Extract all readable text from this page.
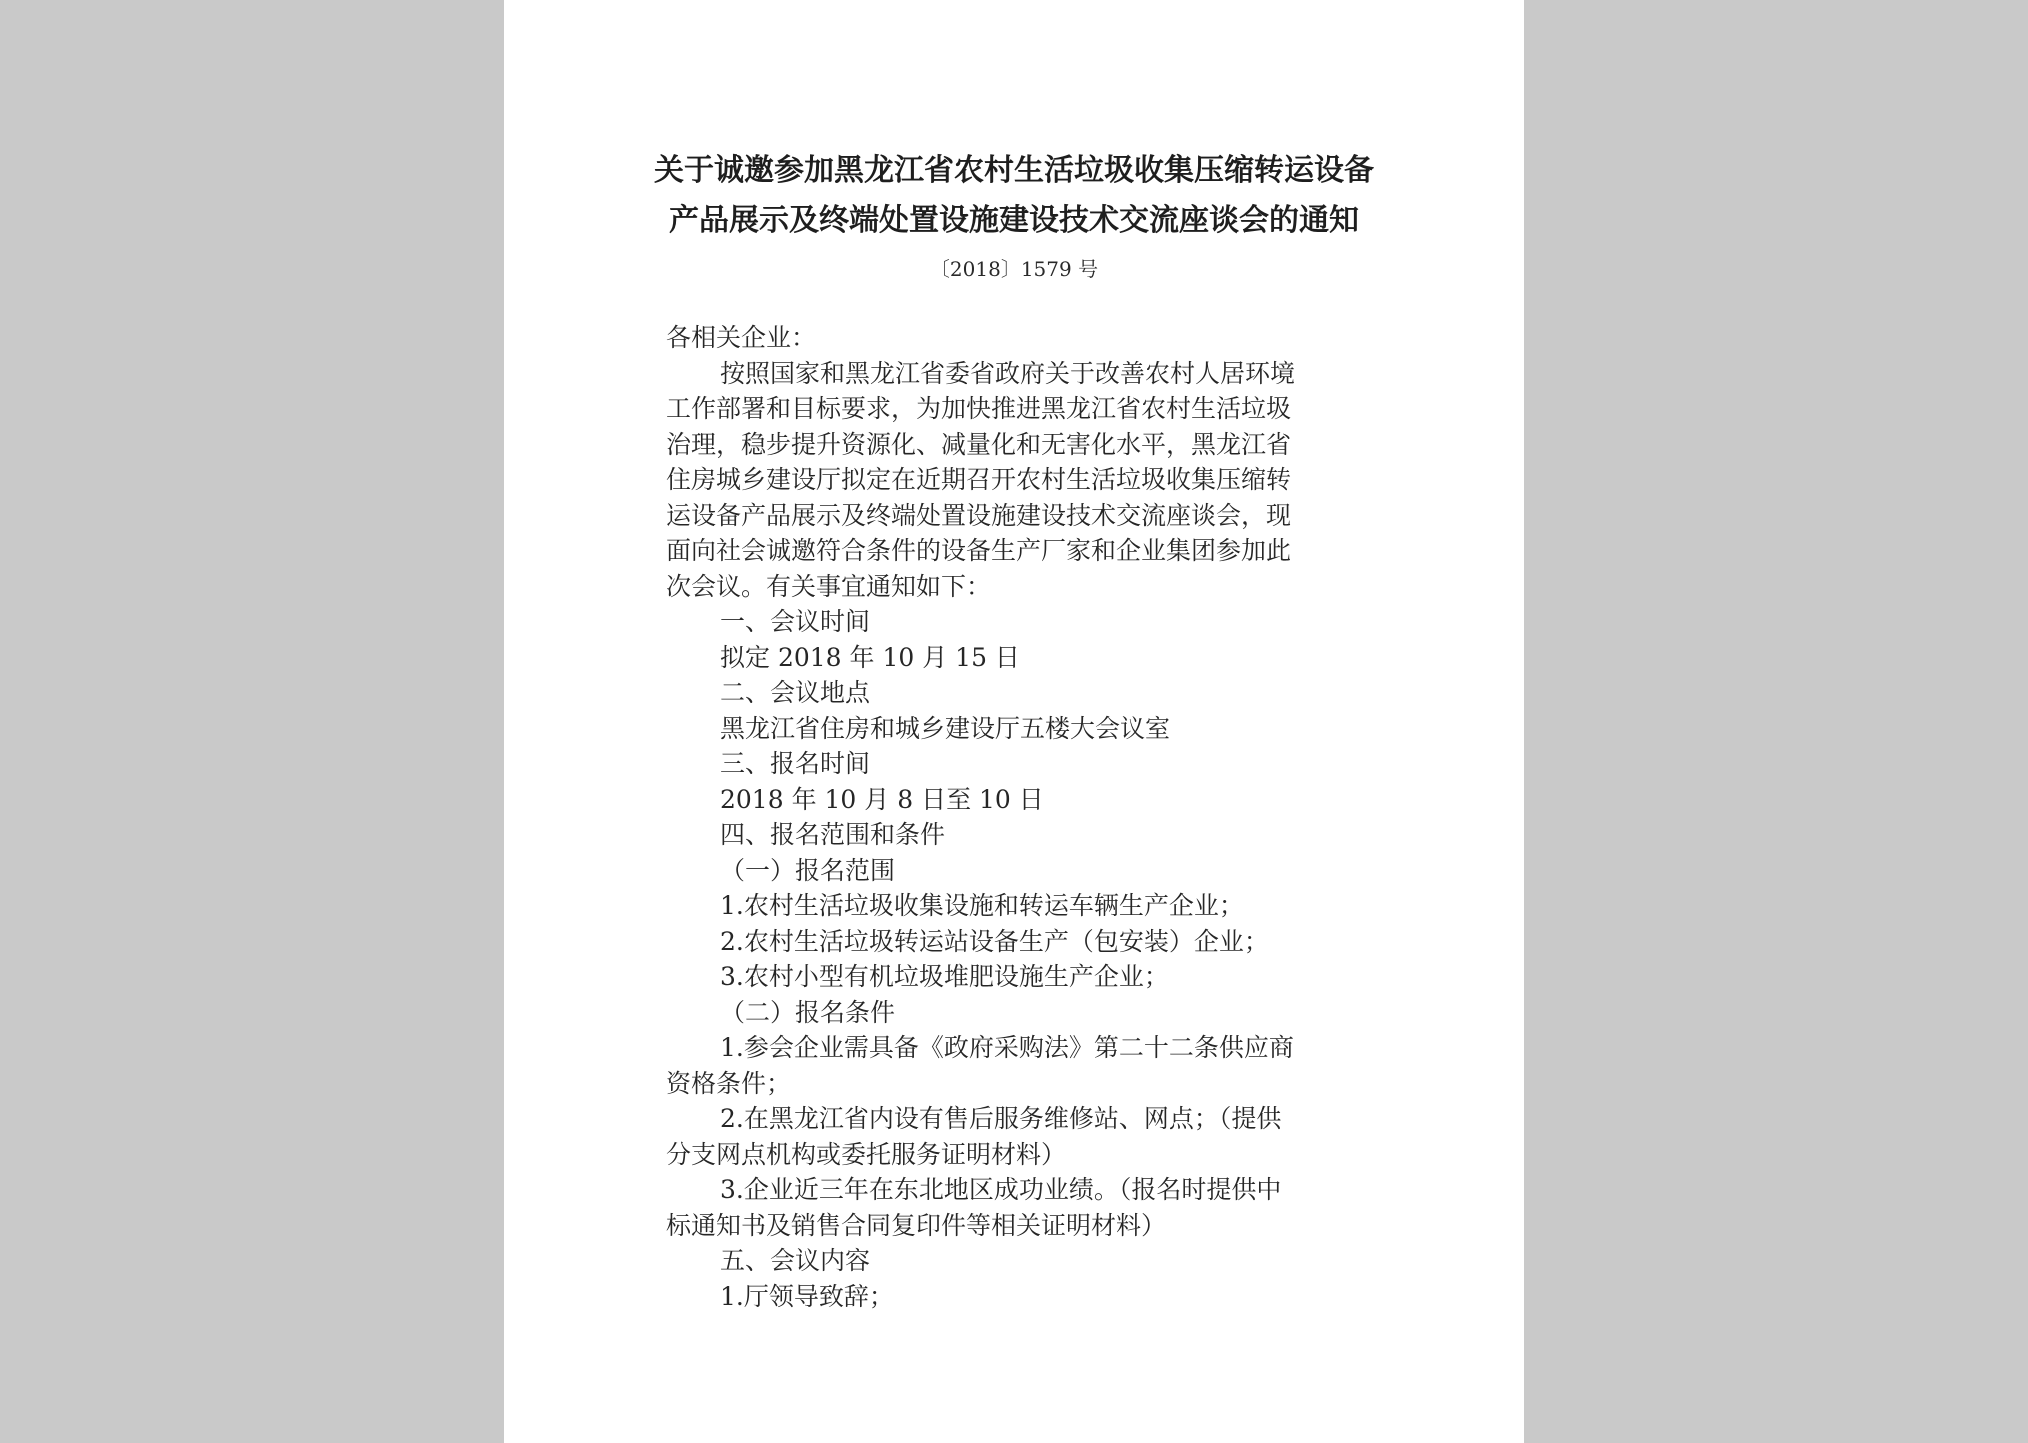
关于诚邀参加黑龙江省农村生活垃圾收集压缩转运设备
产品展示及终端处置设施建设技术交流座谈会的通知
〔2018〕1579 号
各相关企业：
按照国家和黑龙江省委省政府关于改善农村人居环境
工作部署和目标要求，为加快推进黑龙江省农村生活垃圾
治理，稳步提升资源化、减量化和无害化水平，黑龙江省
住房城乡建设厅拟定在近期召开农村生活垃圾收集压缩转
运设备产品展示及终端处置设施建设技术交流座谈会，现
面向社会诚邀符合条件的设备生产厂家和企业集团参加此
次会议。有关事宜通知如下：
一、会议时间
拟定 2018 年 10 月 15 日
二、会议地点
黑龙江省住房和城乡建设厅五楼大会议室
三、报名时间
2018 年 10 月 8 日至 10 日
四、报名范围和条件
（一）报名范围
1.农村生活垃圾收集设施和转运车辆生产企业；
2.农村生活垃圾转运站设备生产（包安装）企业；
3.农村小型有机垃圾堆肥设施生产企业；
（二）报名条件
1.参会企业需具备《政府采购法》第二十二条供应商
资格条件；
2.在黑龙江省内设有售后服务维修站、网点；（提供
分支网点机构或委托服务证明材料）
3.企业近三年在东北地区成功业绩。（报名时提供中
标通知书及销售合同复印件等相关证明材料）
五、会议内容
1.厅领导致辞；
